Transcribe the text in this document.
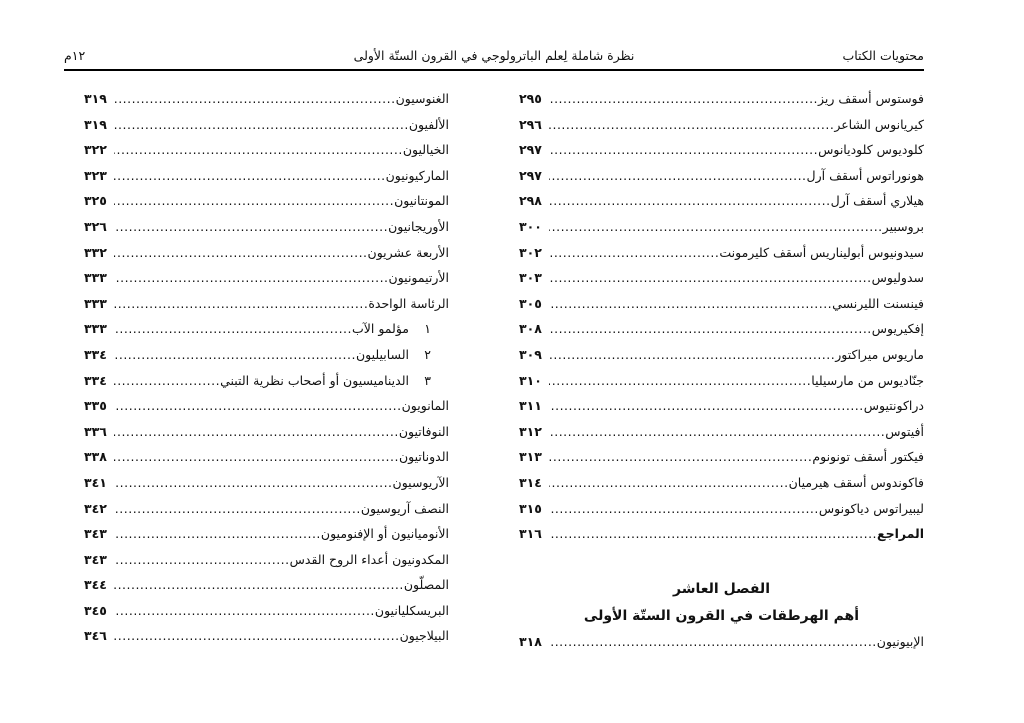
محتويات الكتاب
نظرة شاملة لِعلم الباترولوجي في القرون الستّة الأولى
١٢م
فوستوس أسقف ريز
.....
٢٩٥
كيريانوس الشاعر
.....
٢٩٦
كلوديوس كلوديانوس
.....
٢٩٧
هونوراتوس أسقف آرل
.....
٢٩٧
هيلاري أسقف آرل
.....
٢٩٨
بروسبير
.....
٣٠٠
سيدونيوس أبوليناريس أسقف كليرمونت
.....
٣٠٢
سدوليوس
.....
٣٠٣
فينسنت الليرنسي
.....
٣٠٥
إفكيريوس
.....
٣٠٨
ماريوس ميراكتور
.....
٣٠٩
جنّاديوس من مارسيليا
.....
٣١٠
دراكونتيوس
.....
٣١١
أفيتوس
.....
٣١٢
فيكتور أسقف تونونوم
.....
٣١٣
فاكوندوس أسقف هيرميان
.....
٣١٤
ليبيراتوس دياكونوس
.....
٣١٥
المراجع
.....
٣١٦
الفصل العاشر
أهم الهرطقات في القرون الستّة الأولى
الإبيونيون
.....
٣١٨
الغنوسيون
.....
٣١٩
الألفيون
.....
٣١٩
الخياليون
.....
٣٢٢
الماركيونيون
.....
٣٢٣
المونتانيون
.....
٣٢٥
الأوريجانيون
.....
٣٢٦
الأربعة عشريون
.....
٣٣٢
الأرتيمونيون
.....
٣٣٣
الرئاسة الواحدة
.....
٣٣٣
١مؤلمو الآب
.....
٣٣٣
٢السابيليون
.....
٣٣٤
٣الديناميسيون أو أصحاب نظرية التبني
.....
٣٣٤
المانويون
.....
٣٣٥
النوفاتيون
.....
٣٣٦
الدوناتيون
.....
٣٣٨
الآريوسيون
.....
٣٤١
النصف آريوسيون
.....
٣٤٢
الأنوميانيون أو الإفنوميون
.....
٣٤٣
المكدونيون أعداء الروح القدس
.....
٣٤٣
المصلّون
.....
٣٤٤
البريسكليانيون
.....
٣٤٥
البيلاجيون
.....
٣٤٦
